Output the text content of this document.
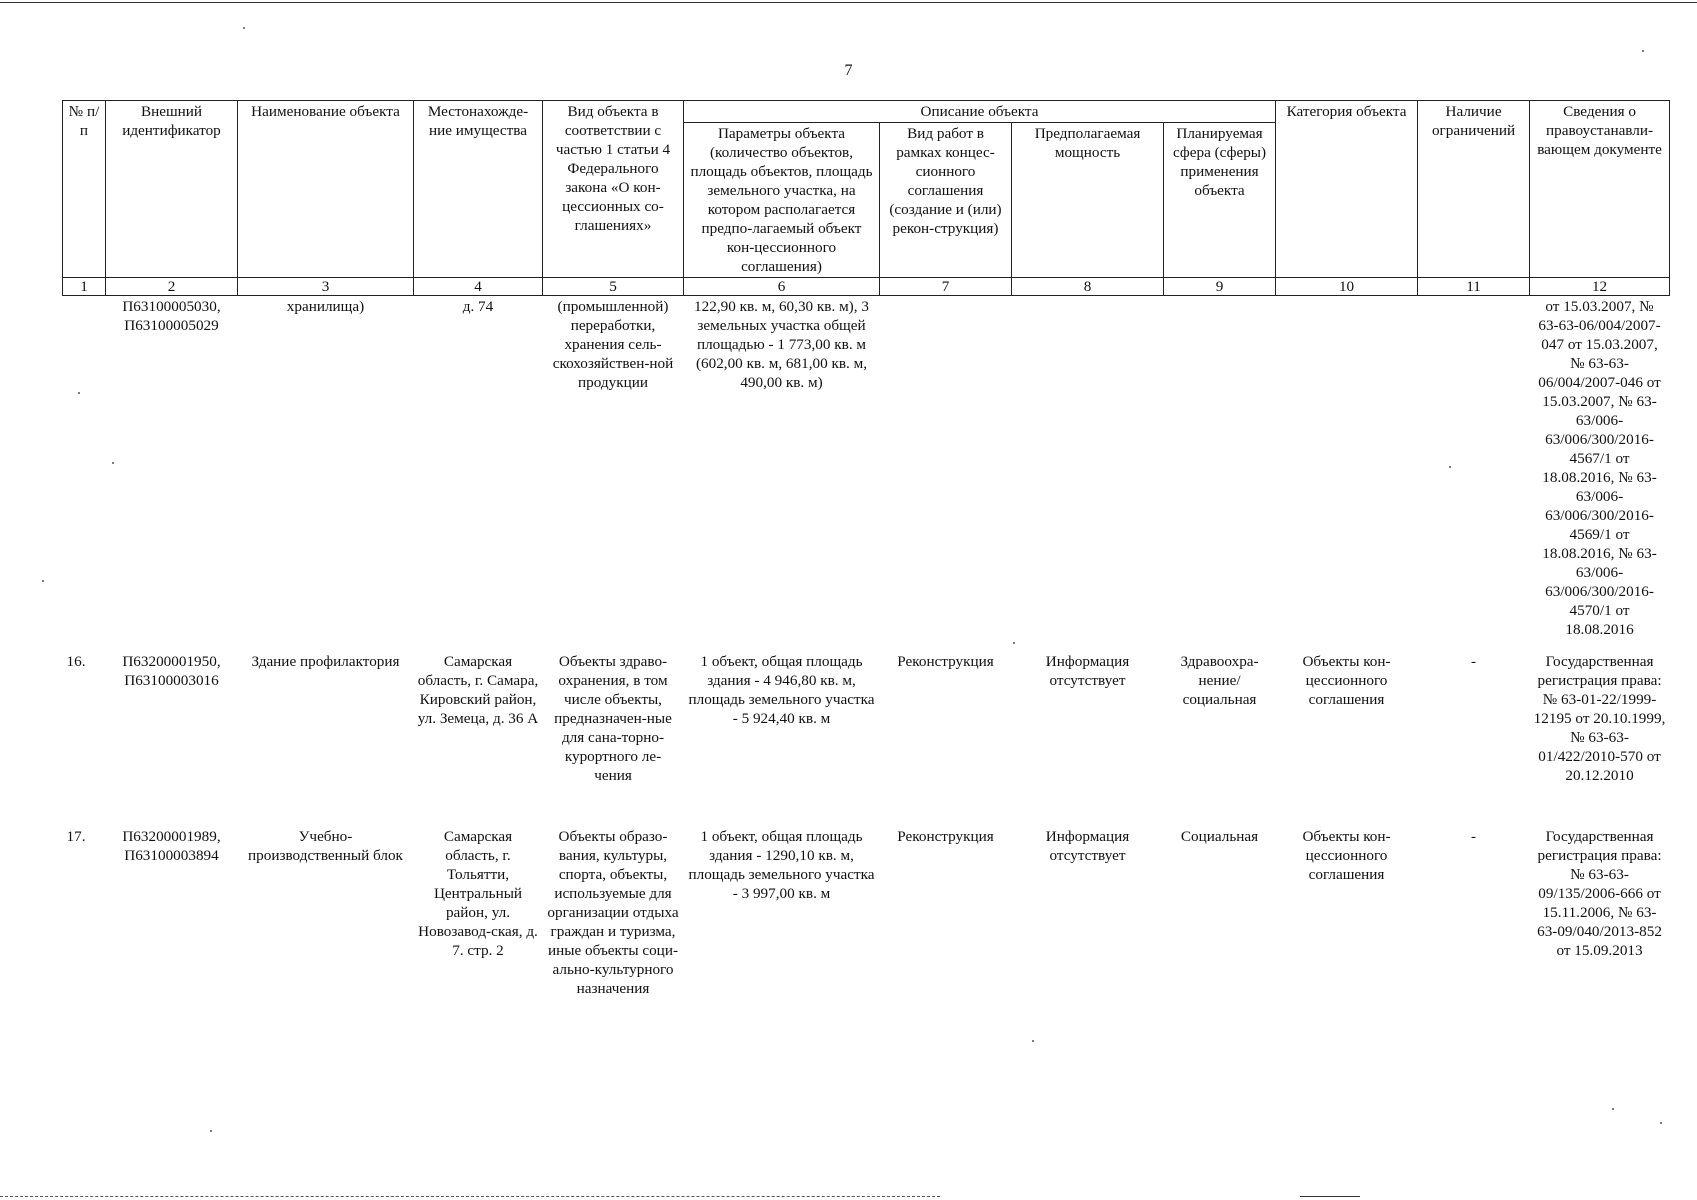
7
№ п/п	Внешний идентификатор	Наименование объекта	Местонахожде-ние имущества	Вид объекта в соответствии с частью 1 статьи 4 Федерального закона «О кон-цессионных со-глашениях»	Описание объекта				Категория объекта	Наличие ограничений	Сведения о правоустанавли-вающем документе
					Параметры объекта (количество объектов, площадь объектов, площадь земельного участка, на котором располагается предпо-лагаемый объект кон-цессионного соглашения)	Вид работ в рамках концес-сионного соглашения (создание и (или) рекон-струкция)	Предполагаемая мощность	Планируемая сфера (сферы) применения объекта			
1	2	3	4	5	6	7	8	9	10	11	12
	П63100005030, П63100005029	хранилища)	д. 74	(промышленной) переработки, хранения сель-скохозяйствен-ной продукции	122,90 кв. м, 60,30 кв. м), 3 земельных участка общей площадью - 1 773,00 кв. м (602,00 кв. м, 681,00 кв. м, 490,00 кв. м)						от 15.03.2007, № 63-63-06/004/2007-047 от 15.03.2007, № 63-63-06/004/2007-046 от 15.03.2007, № 63-63/006-63/006/300/2016-4567/1 от 18.08.2016, № 63-63/006-63/006/300/2016-4569/1 от 18.08.2016, № 63-63/006-63/006/300/2016-4570/1 от 18.08.2016
16.	П63200001950, П63100003016	Здание профилактория	Самарская область, г. Самара, Кировский район, ул. Земеца, д. 36 А	Объекты здраво-охранения, в том числе объекты, предназначен-ные для сана-торно-курортного ле-чения	1 объект, общая площадь здания - 4 946,80 кв. м, площадь земельного участка - 5 924,40 кв. м	Реконструкция	Информация отсутствует	Здравоохра-нение/ социальная	Объекты кон-цессионного соглашения	-	Государственная регистрация права: № 63-01-22/1999-12195 от 20.10.1999, № 63-63-01/422/2010-570 от 20.12.2010
17.	П63200001989, П63100003894	Учебно-производственный блок	Самарская область, г. Тольятти, Центральный район, ул. Новозавод-ская, д. 7. стр. 2	Объекты образо-вания, культуры, спорта, объекты, используемые для организации отдыха граждан и туризма, иные объекты соци-ально-культурного назначения	1 объект, общая площадь здания - 1290,10 кв. м, площадь земельного участка - 3 997,00 кв. м	Реконструкция	Информация отсутствует	Социальная	Объекты кон-цессионного соглашения	-	Государственная регистрация права: № 63-63-09/135/2006-666 от 15.11.2006, № 63-63-09/040/2013-852 от 15.09.2013
